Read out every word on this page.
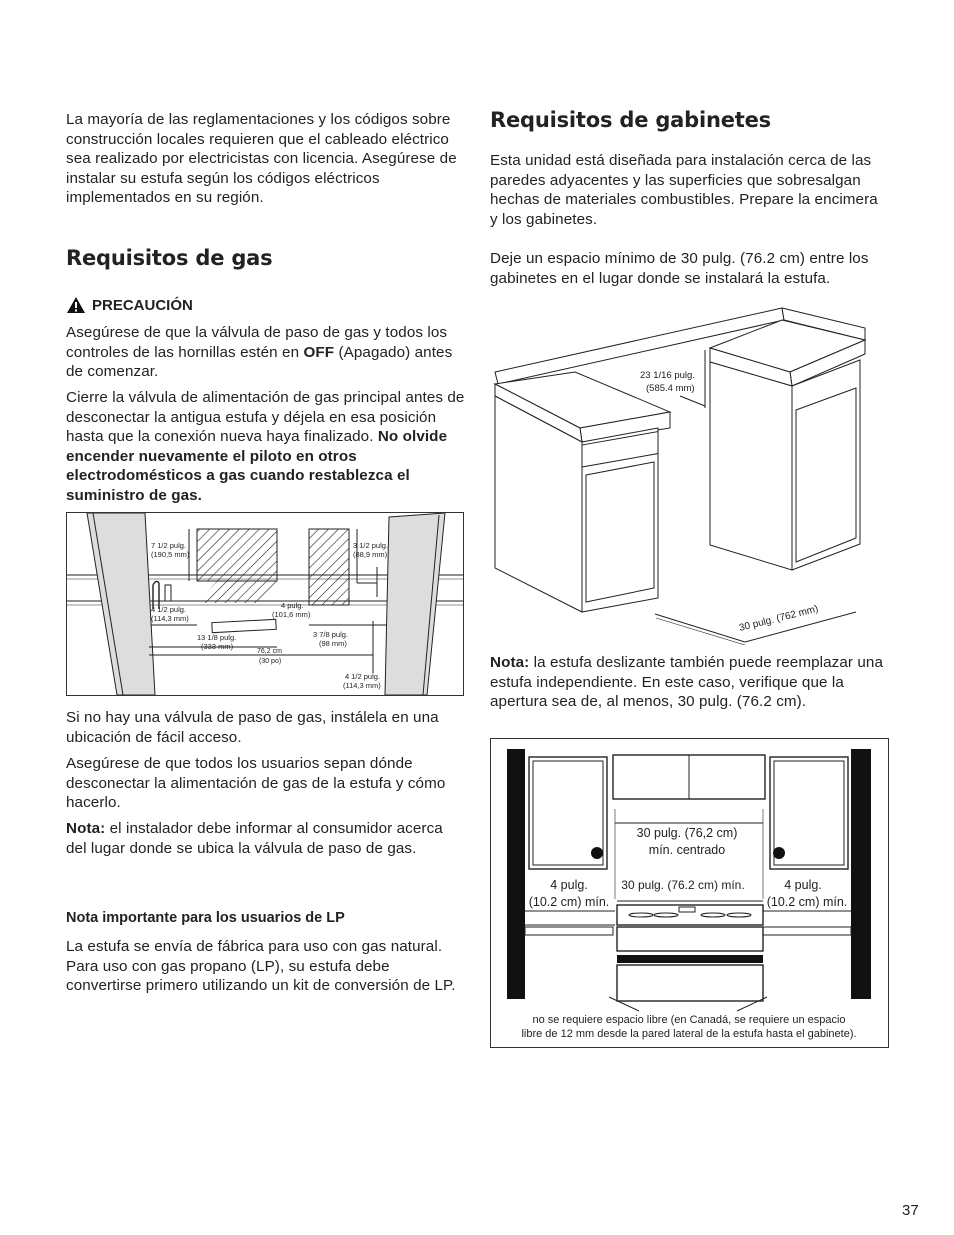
La mayoría de las reglamentaciones y los códigos sobre construcción locales requieren que el cableado eléctrico sea realizado por electricistas con licencia. Asegúrese de instalar su estufa según los códigos eléctricos implementados en su región.

Requisitos de gas
PRECAUCIÓN

Asegúrese de que la válvula de paso de gas y todos los controles de las hornillas estén en OFF (Apagado) antes de comenzar.

Cierre la válvula de alimentación de gas principal antes de desconectar la antigua estufa y déjela en esa posición hasta que la conexión nueva haya finalizado. No olvide encender nuevamente el piloto en otros electrodomésticos a gas cuando restablezca el suministro de gas.

7 1/2 pulg.
(190,5 mm)
3 1/2 pulg.
(88,9 mm)
4 1/2 pulg.
(114,3 mm)
4 pulg.
(101,6 mm)
13 1/8 pulg.
(333 mm)
76,2 cm
(30 po)
3 7/8 pulg.
(98 mm)
4 1/2 pulg.
(114,3 mm)

Si no hay una válvula de paso de gas, instálela en una ubicación de fácil acceso.

Asegúrese de que todos los usuarios sepan dónde desconectar la alimentación de gas de la estufa y cómo hacerlo.

Nota: el instalador debe informar al consumidor acerca del lugar donde se ubica la válvula de paso de gas.

Nota importante para los usuarios de LP

La estufa se envía de fábrica para uso con gas natural. Para uso con gas propano (LP), su estufa debe convertirse primero utilizando un kit de conversión de LP.

Requisitos de gabinetes

Esta unidad está diseñada para instalación cerca de las paredes adyacentes y las superficies que sobresalgan hechas de materiales combustibles. Prepare la encimera y los gabinetes.

Deje un espacio mínimo de 30 pulg. (76.2 cm) entre los gabinetes en el lugar donde se instalará la estufa.

23 1/16 pulg.
(585.4 mm)
30 pulg. (762 mm)

Nota: la estufa deslizante también puede reemplazar una estufa independiente. En este caso, verifique que la apertura sea de, al menos, 30 pulg. (76.2 cm).

30 pulg. (76,2 cm)
mín. centrado
4 pulg.
(10.2 cm) mín.
30 pulg. (76.2 cm) mín.	4 pulg.
(10.2 cm) mín.
no se requiere espacio libre (en Canadá, se requiere un espacio
libre de 12 mm desde la pared lateral de la estufa hasta el gabinete).
37
